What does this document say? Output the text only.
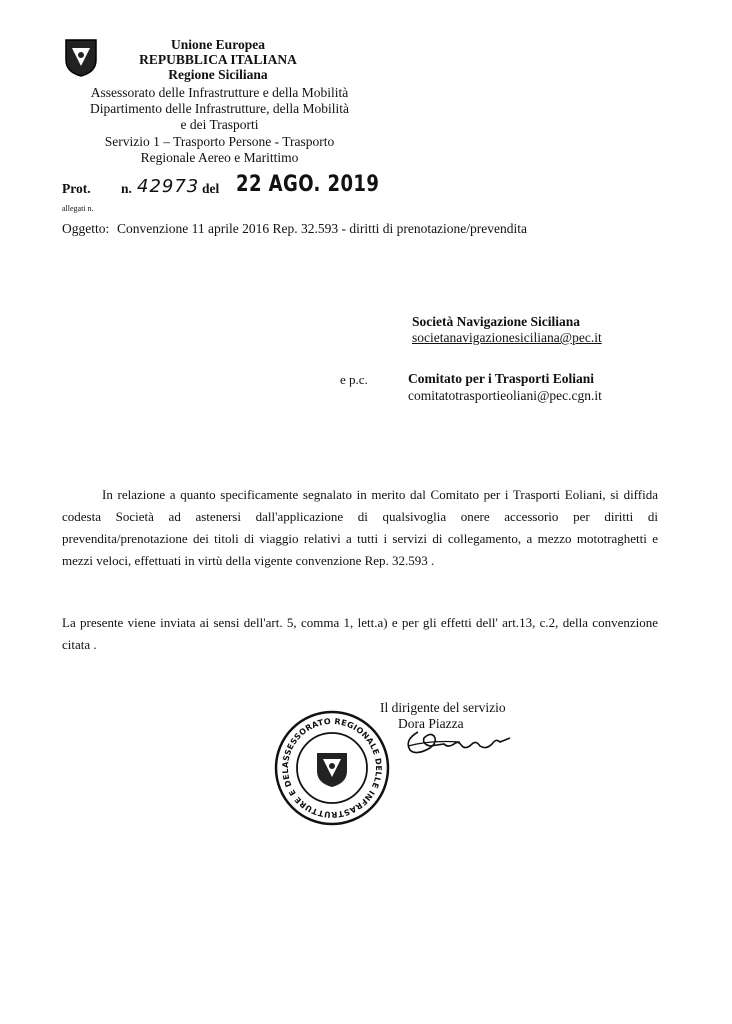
Unione Europea
REPUBBLICA ITALIANA
Regione Siciliana
Assessorato delle Infrastrutture e della Mobilità
Dipartimento delle Infrastrutture, della Mobilità
e dei Trasporti
Servizio 1 – Trasporto Persone - Trasporto
Regionale Aereo e Marittimo
Prot. n. 42973 del 22 AGO. 2019
allegati n.
Oggetto: Convenzione 11 aprile 2016 Rep. 32.593 - diritti di prenotazione/prevendita
Società Navigazione Siciliana
societanavigazionesiciliana@pec.it
e p.c.	Comitato per i Trasporti Eoliani
comitatotrasportieoliani@pec.cgn.it

In relazione a quanto specificamente segnalato in merito dal Comitato per i Trasporti Eoliani, si diffida codesta Società ad astenersi dall'applicazione di qualsivoglia onere accessorio per diritti di prevendita/prenotazione dei titoli di viaggio relativi a tutti i servizi di collegamento, a mezzo mototraghetti e mezzi veloci, effettuati in virtù della vigente convenzione Rep. 32.593 .

La presente viene inviata ai sensi dell'art. 5, comma 1, lett.a) e per gli effetti dell' art.13, c.2, della convenzione citata .

Il dirigente del servizio
Dora Piazza
ASSESSORATO REGIONALE DELLE INFRASTRUTTURE E DEL
